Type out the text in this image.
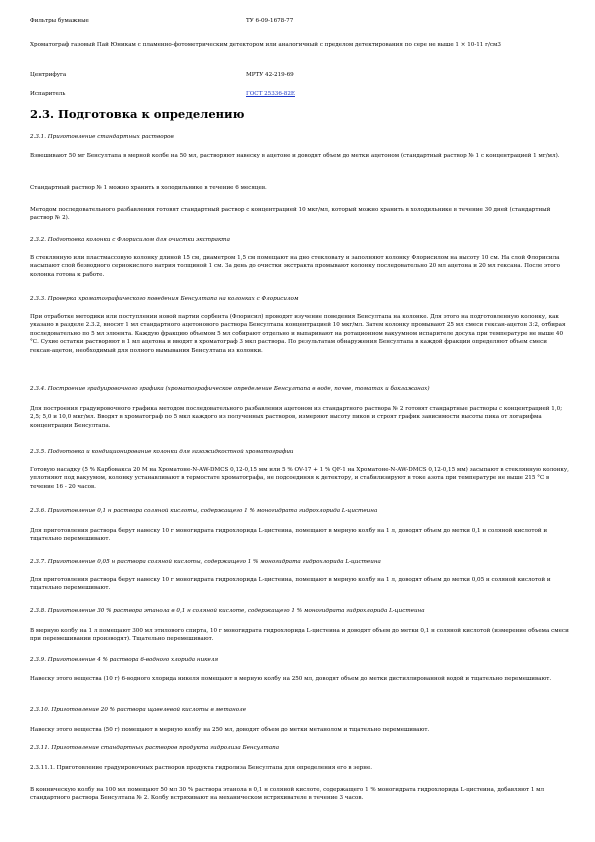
Фильтры бумажные	ТУ 6-09-1678-77

Хроматограф газовый Пай Юникам с пламенно-фотометрическим детектором или аналогичный с пределом детектирования по сере не выше 1 × 10-11 г/см3

Центрифуга	МРТУ 42-219-69
Испаритель	ГОСТ 25336-82Е
2.3. Подготовка к определению

2.3.1. Приготовление стандартных растворов

Взвешивают 50 мг Бенсултапа в мерной колбе на 50 мл, растворяют навеску в ацетоне и доводят объем до метки ацетоном (стандартный раствор № 1 с концентрацией 1 мг/мл).

Стандартный раствор № 1 можно хранить в холодильнике в течение 6 месяцев.

Методом последовательного разбавления готовят стандартный раствор с концентрацией 10 мкг/мл, который можно хранить в холодильнике в течение 30 дней (стандартный раствор № 2).

2.3.2. Подготовка колонки с Флорисилом для очистки экстракта

В стеклянную или пластмассовую колонку длиной 15 см, диаметром 1,5 см помещают на дно стекловату и заполняют колонку Флорисилом на высоту 10 см. На слой Флорисила насыпают слой безводного сернокислого натрия толщиной 1 см. За день до очистки экстракта промывают колонку последовательно 20 мл ацетона и 20 мл гексана. После этого колонка готова к работе.

2.3.3. Проверка хроматографического поведения Бенсултапа на колонках с Флорисилом

При отработке методики или поступлении новой партии сорбента (Флорисил) проводят изучение поведения Бенсултапа на колонке. Для этого на подготовленную колонку, как указано в разделе 2.3.2, вносят 1 мл стандартного ацетонового раствора Бенсултапа концентрацией 10 мкг/мл. Затем колонку промывают 25 мл смеси гексан-ацетон 3:2, отбирая последовательно по 5 мл элюента. Каждую фракцию объемом 5 мл собирают отдельно и выпаривают на ротационном вакуумном испарителе досуха при температуре не выше 40 °С. Сухие остатки растворяют в 1 мл ацетона и вводят в хроматограф 3 мкл раствора. По результатам обнаружения Бенсултапа в каждой фракции определяют объем смеси гексан-ацетон, необходимый для полного вымывания Бенсултапа из колонки.

2.3.4. Построение градуировочного графика (хроматографическое определение Бенсултапа в воде, почве, томатах и баклажанах)

Для построения градуировочного графика методом последовательного разбавления ацетоном из стандартного раствора № 2 готовят стандартные растворы с концентрацией 1,0; 2,5; 5,0 и 10,0 мкг/мл. Вводят в хроматограф по 5 мкл каждого из полученных растворов, измеряют высоту пиков и строят график зависимости высоты пика от логарифма концентрации Бенсултапа.

2.3.5. Подготовка и кондиционирование колонки для газожидкостной хроматографии

Готовую насадку (5 % Карбовакса 20 М на Хроматоне-N-AW-DMCS 0,12-0,15 мм или 5 % OV-17 + 1 % QF-1 на Хроматоне-N-AW-DMCS 0,12-0,15 мм) засыпают в стеклянную колонку, уплотняют под вакуумом, колонку устанавливают в термостате хроматографа, не подсоединяя к детектору, и стабилизируют в токе азота при температуре не выше 215 °С в течение 16 - 20 часов.

2.3.6. Приготовление 0,1 н раствора соляной кислоты, содержащего 1 % моногидрата гидрохлорида L-цистеина

Для приготовления раствора берут навеску 10 г моногидрата гидрохлорида L-цистеина, помещают в мерную колбу на 1 л, доводят объем до метки 0,1 н соляной кислотой и тщательно перемешивают.

2.3.7. Приготовление 0,05 н раствора соляной кислоты, содержащего 1 % моногидрата гидрохлорида L-цистеина

Для приготовления раствора берут навеску 10 г моногидрата гидрохлорида L-цистеина, помещают в мерную колбу на 1 л, доводят объем до метки 0,05 н соляной кислотой и тщательно перемешивают.

2.3.8. Приготовление 30 % раствора этанола в 0,1 н соляной кислоте, содержащего 1 % моногидрата гидрохлорида L-цистеина

В мерную колбу на 1 л помещают 300 мл этилового спирта, 10 г моногидрата гидрохлорида L-цистеина и доводят объем до метки 0,1 н соляной кислотой (измерение объема смеси при перемешивании производят). Тщательно перемешивают.

2.3.9. Приготовление 4 % раствора 6-водного хлорида никеля

Навеску этого вещества (10 г) 6-водного хлорида никеля помещают в мерную колбу на 250 мл, доводят объем до метки дистиллированной водой и тщательно перемешивают.

2.3.10. Приготовление 20 % раствора щавелевой кислоты в метаноле

Навеску этого вещества (50 г) помещают в мерную колбу на 250 мл, доводят объем до метки метанолом и тщательно перемешивают.

2.3.11. Приготовление стандартных растворов продукта гидролиза Бенсултапа

2.3.11.1. Приготовление градуировочных растворов продукта гидролиза Бенсултапа для определения его в зерне.

В конническую колбу на 100 мл помещают 50 мл 30 % раствора этанола в 0,1 н соляной кислоте, содержащего 1 % моногидрата гидрохлорида L-цистеина, добавляют 1 мл стандартного раствора Бенсултапа № 2. Колбу встряхивают на механическом встряхивателе в течение 3 часов.
